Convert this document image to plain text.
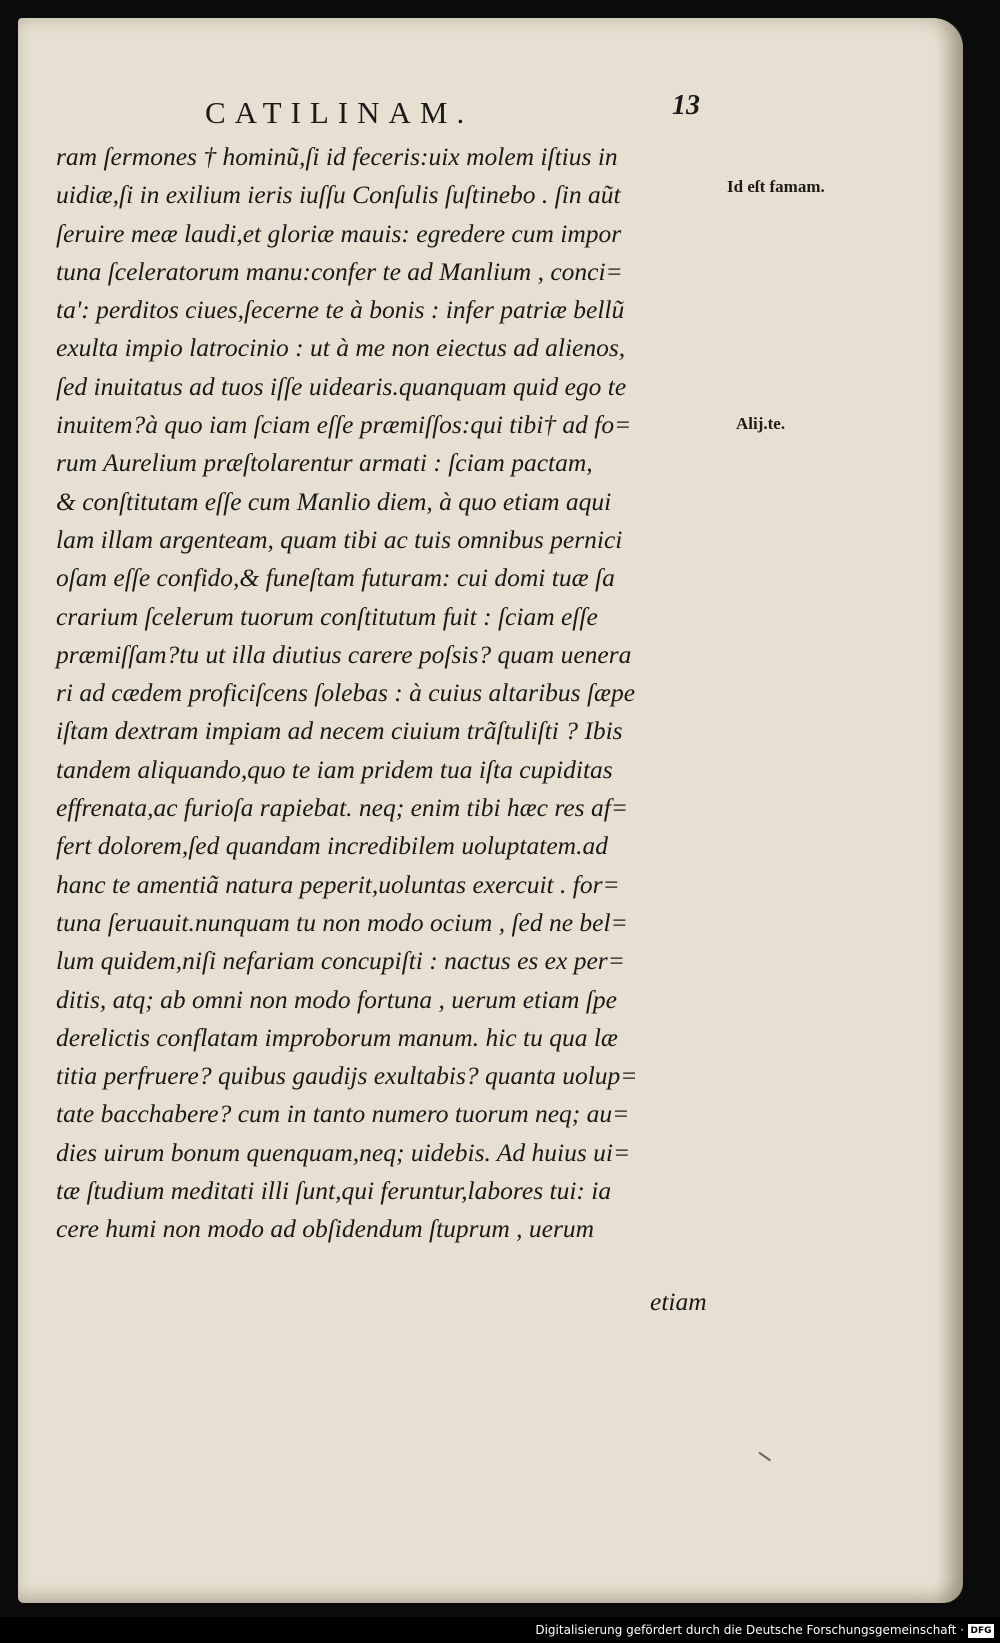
CATILINAM.	13
ram ſermones † hominũ,ſi id feceris:uix molem iſtius in
uidiæ,ſi in exilium ieris iuſſu Conſulis ſuſtinebo . ſin aũt
ſeruire meæ laudi,et gloriæ mauis: egredere cum impor
tuna ſceleratorum manu:confer te ad Manlium , conci=
ta': perditos ciues,ſecerne te à bonis : infer patriæ bellũ
exulta impio latrocinio : ut à me non eiectus ad alienos,
ſed inuitatus ad tuos iſſe uidearis.quanquam quid ego te
inuitem?à quo iam ſciam eſſe præmiſſos:qui tibi† ad fo=
rum Aurelium præſtolarentur armati : ſciam pactam,
& conſtitutam eſſe cum Manlio diem, à quo etiam aqui
lam illam argenteam, quam tibi ac tuis omnibus pernici
oſam eſſe confido,& funeſtam futuram: cui domi tuæ ſa
crarium ſcelerum tuorum conſtitutum fuit : ſciam eſſe
præmiſſam?tu ut illa diutius carere poſsis? quam uenera
ri ad cædem proficiſcens ſolebas : à cuius altaribus ſæpe
iſtam dextram impiam ad necem ciuium trãſtuliſti ? Ibis
tandem aliquando,quo te iam pridem tua iſta cupiditas
effrenata,ac furioſa rapiebat. neq; enim tibi hæc res af=
fert dolorem,ſed quandam incredibilem uoluptatem.ad
hanc te amentiã natura peperit,uoluntas exercuit . for=
tuna ſeruauit.nunquam tu non modo ocium , ſed ne bel=
lum quidem,niſi nefariam concupiſti : nactus es ex per=
ditis, atq; ab omni non modo fortuna , uerum etiam ſpe
derelictis conflatam improborum manum. hic tu qua læ
titia perfruere? quibus gaudijs exultabis? quanta uolup=
tate bacchabere? cum in tanto numero tuorum neq; au=
dies uirum bonum quenquam,neq; uidebis. Ad huius ui=
tæ ſtudium meditati illi ſunt,qui feruntur,labores tui: ia
cere humi non modo ad obſidendum ſtuprum , uerum
etiam
Id eſt famam.
Alij.te.
Digitalisierung gefördert durch die Deutsche Forschungsgemeinschaft · DFG
